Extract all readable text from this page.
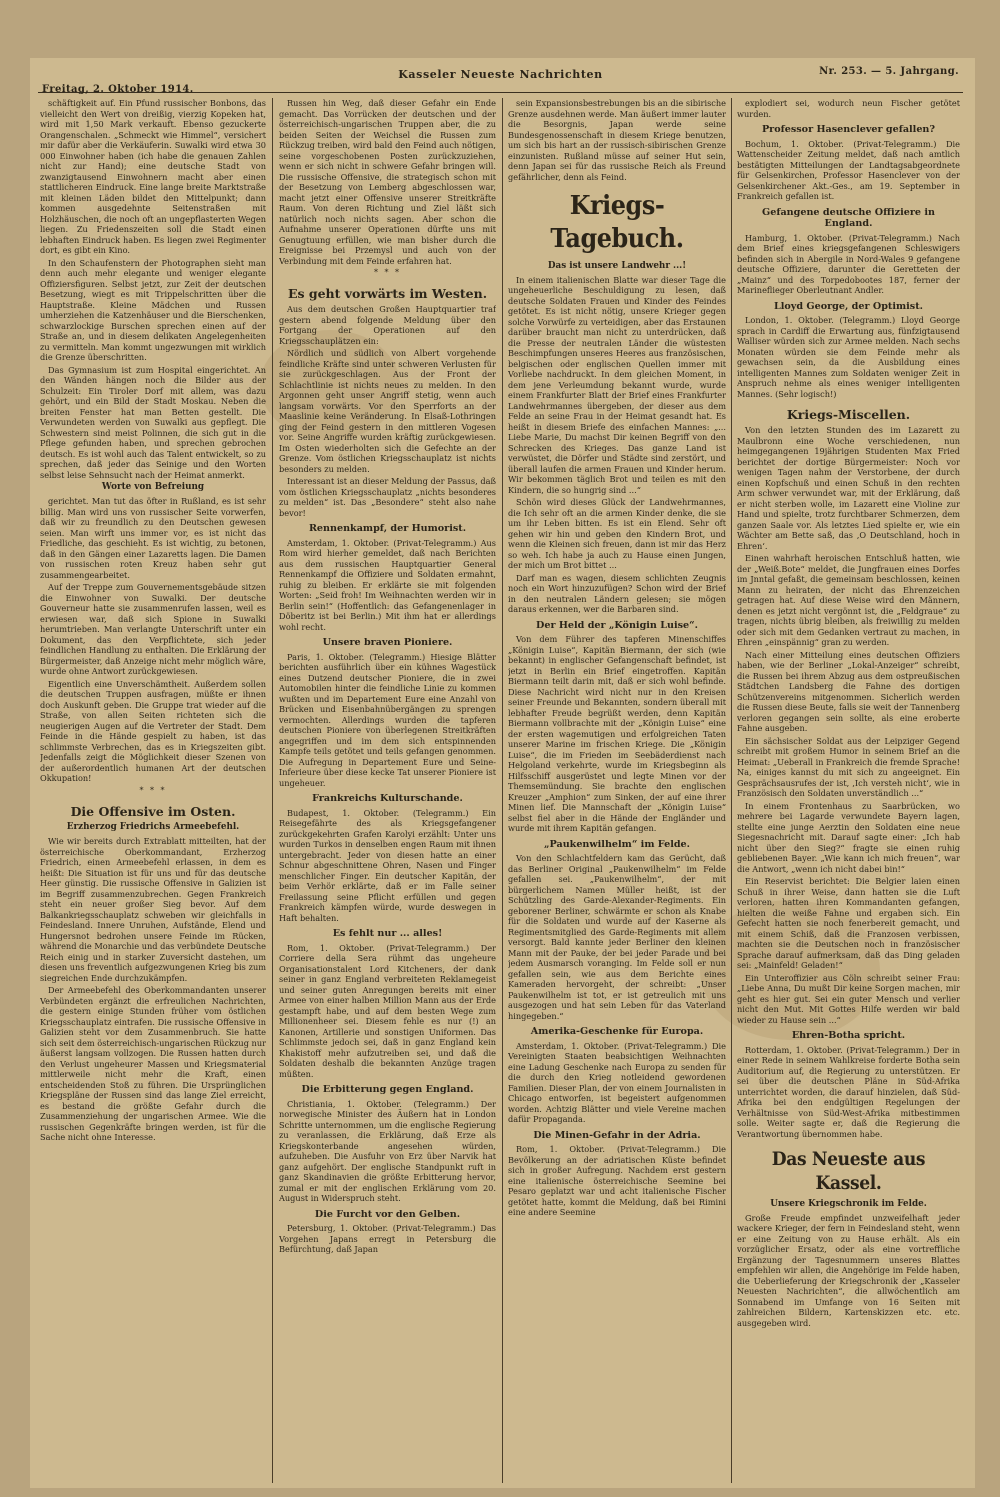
Freitag, 2. Oktober 1914.
Kasseler Neueste Nachrichten	Nr. 253. — 5. Jahrgang.

schäftigkeit auf. Ein Pfund russischer Bonbons, das vielleicht den Wert von dreißig, vierzig Kopeken hat, wird mit 1,50 Mark verkauft. Ebenso gezuckerte Orangenschalen. „Schmeckt wie Himmel“, versichert mir dafür aber die Verkäuferin. Suwalki wird etwa 30 000 Einwohner haben (ich habe die genauen Zahlen nicht zur Hand); eine deutsche Stadt von zwanzigtausend Einwohnern macht aber einen stattlicheren Eindruck. Eine lange breite Marktstraße mit kleinen Läden bildet den Mittelpunkt; dann kommen ausgedehnte Seitenstraßen mit Holzhäuschen, die noch oft an ungepflasterten Wegen liegen. Zu Friedenszeiten soll die Stadt einen lebhaften Eindruck haben. Es liegen zwei Regimenter dort, es gibt ein Kino.

In den Schaufenstern der Photographen sieht man denn auch mehr elegante und weniger elegante Offiziersfiguren. Selbst jetzt, zur Zeit der deutschen Besetzung, wiegt es mit Trippelschritten über die Hauptstraße. Kleine Mädchen und Russen umherziehen die Katzenhäuser und die Bierschenken, schwarzlockige Burschen sprechen einen auf der Straße an, und in diesem delikaten Angelegenheiten zu vermitteln. Man kommt ungezwungen mit wirklich die Grenze überschritten.

Das Gymnasium ist zum Hospital eingerichtet. An den Wänden hängen noch die Bilder aus der Schulzeit: Ein Tiroler Dorf mit allem, was dazu gehört, und ein Bild der Stadt Moskau. Neben die breiten Fenster hat man Betten gestellt. Die Verwundeten werden von Suwalki aus gepflegt. Die Schwestern sind meist Polinnen, die sich gut in die Pflege gefunden haben, und sprechen gebrochen deutsch. Es ist wohl auch das Talent entwickelt, so zu sprechen, daß jeder das Seinige und den Worten selbst leise Sehnsucht nach der Heimat anmerkt.

Worte von Befreiung

gerichtet. Man tut das öfter in Rußland, es ist sehr billig. Man wird uns von russischer Seite vorwerfen, daß wir zu freundlich zu den Deutschen gewesen seien. Man wirft uns immer vor, es ist nicht das Friedliche, das geschieht. Es ist wichtig, zu betonen, daß in den Gängen einer Lazaretts lagen. Die Damen von russischen roten Kreuz haben sehr gut zusammengearbeitet.

Auf der Treppe zum Gouvernementsgebäude sitzen die Einwohner von Suwalki. Der deutsche Gouverneur hatte sie zusammenrufen lassen, weil es erwiesen war, daß sich Spione in Suwalki herumtrieben. Man verlangte Unterschrift unter ein Dokument, das den Verpflichtete, sich jeder feindlichen Handlung zu enthalten. Die Erklärung der Bürgermeister, daß Anzeige nicht mehr möglich wäre, wurde ohne Antwort zurückgewiesen.

Eigentlich eine Unverschämtheit. Außerdem sollen die deutschen Truppen ausfragen, müßte er ihnen doch Auskunft geben. Die Gruppe trat wieder auf die Straße, von allen Seiten richteten sich die neugierigen Augen auf die Vertreter der Stadt. Dem Feinde in die Hände gespielt zu haben, ist das schlimmste Verbrechen, das es in Kriegszeiten gibt. Jedenfalls zeigt die Möglichkeit dieser Szenen von der außerordentlich humanen Art der deutschen Okkupation!

* * *
Die Offensive im Osten.
Erzherzog Friedrichs Armeebefehl.

Wie wir bereits durch Extrablatt mitteilten, hat der österreichische Oberkommandant, Erzherzog Friedrich, einen Armeebefehl erlassen, in dem es heißt: Die Situation ist für uns und für das deutsche Heer günstig. Die russische Offensive in Galizien ist im Begriff zusammenzubrechen. Gegen Frankreich steht ein neuer großer Sieg bevor. Auf dem Balkankriegsschauplatz schweben wir gleichfalls in Feindesland. Innere Unruhen, Aufstände, Elend und Hungersnot bedrohen unsere Feinde im Rücken, während die Monarchie und das verbündete Deutsche Reich einig und in starker Zuversicht dastehen, um diesen uns freventlich aufgezwungenen Krieg bis zum siegreichen Ende durchzukämpfen.

Der Armeebefehl des Oberkommandanten unserer Verbündeten ergänzt die erfreulichen Nachrichten, die gestern einige Stunden früher vom östlichen Kriegsschauplatz eintrafen. Die russische Offensive in Galizien steht vor dem Zusammenbruch. Sie hatte sich seit dem österreichisch-ungarischen Rückzug nur äußerst langsam vollzogen. Die Russen hatten durch den Verlust ungeheurer Massen und Kriegsmaterial mittlerweile nicht mehr die Kraft, einen entscheidenden Stoß zu führen. Die Ursprünglichen Kriegspläne der Russen sind das lange Ziel erreicht, es bestand die größte Gefahr durch die Zusammenziehung der ungarischen Armee. Wie die russischen Gegenkräfte bringen werden, ist für die Sache nicht ohne Interesse.

Russen hin Weg, daß dieser Gefahr ein Ende gemacht. Das Vorrücken der deutschen und der österreichisch-ungarischen Truppen aber, die zu beiden Seiten der Weichsel die Russen zum Rückzug treiben, wird bald den Feind auch nötigen, seine vorgeschobenen Posten zurückzuziehen, wenn er sich nicht in schwere Gefahr bringen will. Die russische Offensive, die strategisch schon mit der Besetzung von Lemberg abgeschlossen war, macht jetzt einer Offensive unserer Streitkräfte Raum. Von deren Richtung und Ziel läßt sich natürlich noch nichts sagen. Aber schon die Aufnahme unserer Operationen dürfte uns mit Genugtuung erfüllen, wie man bisher durch die Ereignisse bei Przemysl und auch von der Verbindung mit dem Feinde erfahren hat.

* * *
Es geht vorwärts im Westen.

Aus dem deutschen Großen Hauptquartier traf gestern abend folgende Meldung über den Fortgang der Operationen auf den Kriegsschauplätzen ein:

Nördlich und südlich von Albert vorgehende feindliche Kräfte sind unter schweren Verlusten für sie zurückgeschlagen. Aus der Front der Schlachtlinie ist nichts neues zu melden. In den Argonnen geht unser Angriff stetig, wenn auch langsam vorwärts. Vor den Sperrforts an der Maaslinie keine Veränderung. In Elsaß-Lothringen ging der Feind gestern in den mittleren Vogesen vor. Seine Angriffe wurden kräftig zurückgewiesen. Im Osten wiederholten sich die Gefechte an der Grenze. Vom östlichen Kriegsschauplatz ist nichts besonders zu melden.

Interessant ist an dieser Meldung der Passus, daß vom östlichen Kriegsschauplatz „nichts besonderes zu melden“ ist. Das „Besondere“ steht also nahe bevor!

Rennenkampf, der Humorist.

Amsterdam, 1. Oktober. (Privat-Telegramm.) Aus Rom wird hierher gemeldet, daß nach Berichten aus dem russischen Hauptquartier General Rennenkampf die Offiziere und Soldaten ermahnt, ruhig zu bleiben. Er erklärte sie mit folgenden Worten: „Seid froh! Im Weihnachten werden wir in Berlin sein!“ (Hoffentlich: das Gefangenenlager in Döberitz ist bei Berlin.) Mit ihm hat er allerdings wohl recht.

Unsere braven Pioniere.

Paris, 1. Oktober. (Telegramm.) Hiesige Blätter berichten ausführlich über ein kühnes Wagestück eines Dutzend deutscher Pioniere, die in zwei Automobilen hinter die feindliche Linie zu kommen wußten und im Departement Eure eine Anzahl von Brücken und Eisenbahnübergängen zu sprengen vermochten. Allerdings wurden die tapferen deutschen Pioniere von überlegenen Streitkräften angegriffen und im dem sich entspinnenden Kampfe teils getötet und teils gefangen genommen. Die Aufregung in Departement Eure und Seine-Inferieure über diese kecke Tat unserer Pioniere ist ungeheuer.

Frankreichs Kulturschande.

Budapest, 1. Oktober. (Telegramm.) Ein Reisegefährte des als Kriegsgefangener zurückgekehrten Grafen Karolyi erzählt: Unter uns wurden Turkos in denselben engen Raum mit ihnen untergebracht. Jeder von diesen hatte an einer Schnur abgeschnittene Ohren, Nasen und Finger menschlicher Finger. Ein deutscher Kapitän, der beim Verhör erklärte, daß er im Falle seiner Freilassung seine Pflicht erfüllen und gegen Frankreich kämpfen würde, wurde deswegen in Haft behalten.

Es fehlt nur ... alles!

Rom, 1. Oktober. (Privat-Telegramm.) Der Corriere della Sera rühmt das ungeheure Organisationstalent Lord Kitcheners, der dank seiner in ganz England verbreiteten Reklamegeist und seiner guten Anregungen bereits mit einer Armee von einer halben Million Mann aus der Erde gestampft habe, und auf dem besten Wege zum Millionenheer sei. Diesem fehle es nur (!) an Kanonen, Artillerie und sonstigen Uniformen. Das Schlimmste jedoch sei, daß in ganz England kein Khakistoff mehr aufzutreiben sei, und daß die Soldaten deshalb die bekannten Anzüge tragen müßten.

Die Erbitterung gegen England.

Christiania, 1. Oktober. (Telegramm.) Der norwegische Minister des Äußern hat in London Schritte unternommen, um die englische Regierung zu veranlassen, die Erklärung, daß Erze als Kriegskonterbande angesehen würden, aufzuheben. Die Ausfuhr von Erz über Narvik hat ganz aufgehört. Der englische Standpunkt ruft in ganz Skandinavien die größte Erbitterung hervor, zumal er mit der englischen Erklärung vom 20. August in Widerspruch steht.

Die Furcht vor den Gelben.

Petersburg, 1. Oktober. (Privat-Telegramm.) Das Vorgehen Japans erregt in Petersburg die Befürchtung, daß Japan

sein Expansionsbestrebungen bis an die sibirische Grenze ausdehnen werde. Man äußert immer lauter die Besorgnis, Japan werde seine Bundesgenossenschaft in diesem Kriege benutzen, um sich bis hart an der russisch-sibirischen Grenze einzunisten. Rußland müsse auf seiner Hut sein, denn Japan sei für das russische Reich als Freund gefährlicher, denn als Feind.

Kriegs-Tagebuch.
Das ist unsere Landwehr ...!

In einem italienischen Blatte war dieser Tage die ungeheuerliche Beschuldigung zu lesen, daß deutsche Soldaten Frauen und Kinder des Feindes getötet. Es ist nicht nötig, unsere Krieger gegen solche Vorwürfe zu verteidigen, aber das Erstaunen darüber braucht man nicht zu unterdrücken, daß die Presse der neutralen Länder die wüstesten Beschimpfungen unseres Heeres aus französischen, belgischen oder englischen Quellen immer mit Vorliebe nachdruckt. In dem gleichen Moment, in dem jene Verleumdung bekannt wurde, wurde einem Frankfurter Blatt der Brief eines Frankfurter Landwehrmannes übergeben, der dieser aus dem Felde an seine Frau in der Heimat gesandt hat. Es heißt in diesem Briefe des einfachen Mannes: „... Liebe Marie, Du machst Dir keinen Begriff von den Schrecken des Krieges. Das ganze Land ist verwüstet, die Dörfer und Städte sind zerstört, und überall laufen die armen Frauen und Kinder herum. Wir bekommen täglich Brot und teilen es mit den Kindern, die so hungrig sind ...“

Schön wird dieses Glück der Landwehrmannes, die Ich sehr oft an die armen Kinder denke, die sie um ihr Leben bitten. Es ist ein Elend. Sehr oft gehen wir hin und geben den Kindern Brot, und wenn die Kleinen sich freuen, dann ist mir das Herz so weh. Ich habe ja auch zu Hause einen Jungen, der mich um Brot bittet ...

Darf man es wagen, diesem schlichten Zeugnis noch ein Wort hinzuzufügen? Schon wird der Brief in den neutralen Ländern gelesen; sie mögen daraus erkennen, wer die Barbaren sind.

Der Held der „Königin Luise“.

Von dem Führer des tapferen Minenschiffes „Königin Luise“, Kapitän Biermann, der sich (wie bekannt) in englischer Gefangenschaft befindet, ist jetzt in Berlin ein Brief eingetroffen. Kapitän Biermann teilt darin mit, daß er sich wohl befinde. Diese Nachricht wird nicht nur in den Kreisen seiner Freunde und Bekannten, sondern überall mit lebhafter Freude begrüßt werden, denn Kapitän Biermann vollbrachte mit der „Königin Luise“ eine der ersten wagemutigen und erfolgreichen Taten unserer Marine im frischen Kriege. Die „Königin Luise“, die im Frieden im Seebäderdienst nach Helgoland verkehrte, wurde im Kriegsbeginn als Hilfsschiff ausgerüstet und legte Minen vor der Themsemündung. Sie brachte den englischen Kreuzer „Amphion“ zum Sinken, der auf eine ihrer Minen lief. Die Mannschaft der „Königin Luise“ selbst fiel aber in die Hände der Engländer und wurde mit ihrem Kapitän gefangen.

„Paukenwilhelm“ im Felde.

Von den Schlachtfeldern kam das Gerücht, daß das Berliner Original „Paukenwilhelm“ im Felde gefallen sei. „Paukenwilhelm“, der mit bürgerlichem Namen Müller heißt, ist der Schützling des Garde-Alexander-Regiments. Ein geborener Berliner, schwärmte er schon als Knabe für die Soldaten und wurde auf der Kaserne als Regimentsmitglied des Garde-Regiments mit allem versorgt. Bald kannte jeder Berliner den kleinen Mann mit der Pauke, der bei jeder Parade und bei jedem Ausmarsch voranging. Im Felde soll er nun gefallen sein, wie aus dem Berichte eines Kameraden hervorgeht, der schreibt: „Unser Paukenwilhelm ist tot, er ist getreulich mit uns ausgezogen und hat sein Leben für das Vaterland hingegeben.“

Amerika-Geschenke für Europa.

Amsterdam, 1. Oktober. (Privat-Telegramm.) Die Vereinigten Staaten beabsichtigen Weihnachten eine Ladung Geschenke nach Europa zu senden für die durch den Krieg notleidend gewordenen Familien. Dieser Plan, der von einem Journalisten in Chicago entworfen, ist begeistert aufgenommen worden. Achtzig Blätter und viele Vereine machen dafür Propaganda.

Die Minen-Gefahr in der Adria.

Rom, 1. Oktober. (Privat-Telegramm.) Die Bevölkerung an der adriatischen Küste befindet sich in großer Aufregung. Nachdem erst gestern eine italienische österreichische Seemine bei Pesaro geplatzt war und acht italienische Fischer getötet hatte, kommt die Meldung, daß bei Rimini eine andere Seemine

explodiert sei, wodurch neun Fischer getötet wurden.

Professor Hasenclever gefallen?

Bochum, 1. Oktober. (Privat-Telegramm.) Die Wattenscheider Zeitung meldet, daß nach amtlich bestätigten Mitteilungen der Landtagsabgeordnete für Gelsenkirchen, Professor Hasenclever von der Gelsenkirchener Akt.-Ges., am 19. September in Frankreich gefallen ist.

Gefangene deutsche Offiziere in England.

Hamburg, 1. Oktober. (Privat-Telegramm.) Nach dem Brief eines kriegsgefangenen Schleswigers befinden sich in Abergile in Nord-Wales 9 gefangene deutsche Offiziere, darunter die Geretteten der „Mainz“ und des Torpedobootes 187, ferner der Marineflieger Oberleutnant Andler.

Lloyd George, der Optimist.

London, 1. Oktober. (Telegramm.) Lloyd George sprach in Cardiff die Erwartung aus, fünfzigtausend Walliser würden sich zur Armee melden. Nach sechs Monaten würden sie dem Feinde mehr als gewachsen sein, da die Ausbildung eines intelligenten Mannes zum Soldaten weniger Zeit in Anspruch nehme als eines weniger intelligenten Mannes. (Sehr logisch!)

Kriegs-Miscellen.

Von den letzten Stunden des im Lazarett zu Maulbronn eine Woche verschiedenen, nun heimgegangenen 19jährigen Studenten Max Fried berichtet der dortige Bürgermeister: Noch vor wenigen Tagen nahm der Verstorbene, der durch einen Kopfschuß und einen Schuß in den rechten Arm schwer verwundet war, mit der Erklärung, daß er nicht sterben wolle, im Lazarett eine Violine zur Hand und spielte, trotz furchtbarer Schmerzen, dem ganzen Saale vor. Als letztes Lied spielte er, wie ein Wächter am Bette saß, das ‚O Deutschland, hoch in Ehren‘.

Einen wahrhaft heroischen Entschluß hatten, wie der „Weiß.Bote“ meldet, die Jungfrauen eines Dorfes im Jnntal gefaßt, die gemeinsam beschlossen, keinen Mann zu heiraten, der nicht das Ehrenzeichen getragen hat. Auf diese Weise wird den Männern, denen es jetzt nicht vergönnt ist, die „Feldgraue“ zu tragen, nichts übrig bleiben, als freiwillig zu melden oder sich mit dem Gedanken vertraut zu machen, in Ehren „einspännig“ gran zu werden.

Nach einer Mitteilung eines deutschen Offiziers haben, wie der Berliner „Lokal-Anzeiger“ schreibt, die Russen bei ihrem Abzug aus dem ostpreußischen Städtchen Landsberg die Fahne des dortigen Schützenvereins mitgenommen. Sicherlich werden die Russen diese Beute, falls sie weit der Tannenberg verloren gegangen sein sollte, als eine eroberte Fahne ausgeben.

Ein sächsischer Soldat aus der Leipziger Gegend schreibt mit großem Humor in seinem Brief an die Heimat: „Ueberall in Frankreich die fremde Sprache! Na, einiges kannst du mit sich zu angeeignet. Ein Gesprächsausrufes der ist, ‚Ich versteh nicht‘, wie in Französisch den Soldaten unverständlich ...“

In einem Frontenhaus zu Saarbrücken, wo mehrere bei Lagarde verwundete Bayern lagen, stellte eine junge Aerztin den Soldaten eine neue Siegesnachricht mit. Darauf sagte einer: „Ich hab nicht über den Sieg?“ fragte sie einen ruhig gebliebenen Bayer. „Wie kann ich mich freuen“, war die Antwort, „wenn ich nicht dabei bin!“

Ein Reservist berichtet: Die Belgier laien einen Schuß in ihrer Weise, dann hatten sie die Luft verloren, hatten ihren Kommandanten gefangen, hielten die weiße Fahne und ergaben sich. Ein Gefecht hatten sie noch fenerbereit gemacht, und mit einem Schiß, daß die Franzosen verbissen, machten sie die Deutschen noch in französischer Sprache darauf aufmerksam, daß das Ding geladen sei: „Mainfeld! Geladen!“

Ein Unteroffizier aus Cöln schreibt seiner Frau: „Liebe Anna, Du mußt Dir keine Sorgen machen, mir geht es hier gut. Sei ein guter Mensch und verlier nicht den Mut. Mit Gottes Hilfe werden wir bald wieder zu Hause sein ...“

Ehren-Botha spricht.

Rotterdam, 1. Oktober. (Privat-Telegramm.) Der in einer Rede in seinem Wahlkreise forderte Botha sein Auditorium auf, die Regierung zu unterstützen. Er sei über die deutschen Pläne in Süd-Afrika unterrichtet worden, die darauf hinzielen, daß Süd-Afrika bei den endgültigen Regelungen der Verhältnisse von Süd-West-Afrika mitbestimmen solle. Weiter sagte er, daß die Regierung die Verantwortung übernommen habe.

Das Neueste aus Kassel.
Unsere Kriegschronik im Felde.

Große Freude empfindet unzweifelhaft jeder wackere Krieger, der fern in Feindesland steht, wenn er eine Zeitung von zu Hause erhält. Als ein vorzüglicher Ersatz, oder als eine vortreffliche Ergänzung der Tagesnummern unseres Blattes empfehlen wir allen, die Angehörige im Felde haben, die Ueberlieferung der Kriegschronik der „Kasseler Neuesten Nachrichten“, die allwöchentlich am Sonnabend im Umfange von 16 Seiten mit zahlreichen Bildern, Kartenskizzen etc. etc. ausgegeben wird.
